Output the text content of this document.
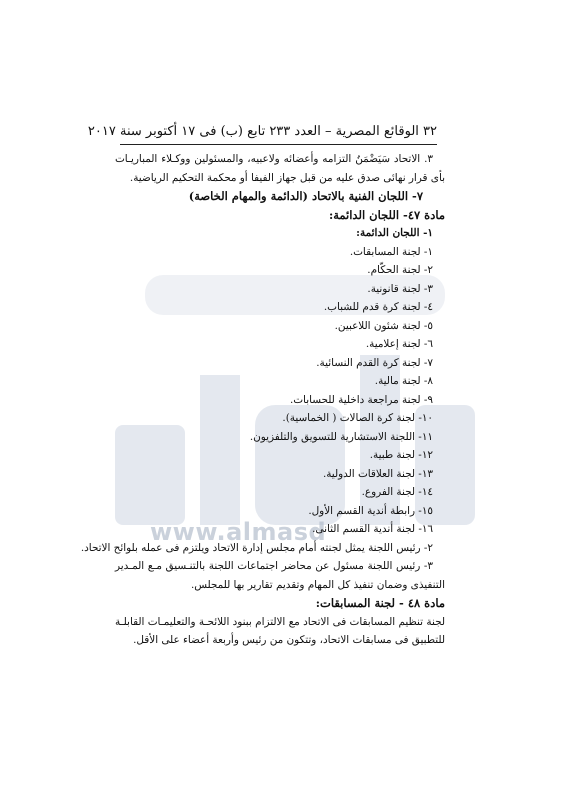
www.almasd
٣٢ الوقائع المصرية – العدد ٢٣٣ تابع (ب) فى ١٧ أكتوبر سنة ٢٠١٧
٣. الاتحاد سَيَضْمَنُ التزامه وأعضائه ولاعبيه، والمسئولين ووكـلاء المباريـات
بأى قرار نهائى صدق عليه من قبل جهاز الفيفا أو محكمة التحكيم الرياضية.
٧- اللجان الفنية بالاتحاد (الدائمة والمهام الخاصة)
مادة ٤٧- اللجان الدائمة:
١- اللجان الدائمة:
١- لجنة المسابقات.
٢- لجنة الحكّام.
٣- لجنة قانونية.
٤- لجنة كرة قدم للشباب.
٥- لجنة شئون اللاعبين.
٦- لجنة إعلامية.
٧- لجنة كرة القدم النسائية.
٨- لجنة مالية.
٩- لجنة مراجعة داخلية للحسابات.
١٠- لجنة كرة الصالات ( الخماسية).
١١- اللجنة الاستشارية للتسويق والتلفزيون.
١٢- لجنة طبية.
١٣- لجنة العلاقات الدولية.
١٤- لجنة الفروع.
١٥- رابطة أندية القسم الأول.
١٦- لجنة أندية القسم الثانى.
٢- رئيس اللجنة يمثل لجنته أمام مجلس إدارة الاتحاد ويلتزم فى عمله بلوائح الاتحاد.
٣- رئيس اللجنة مسئول عن محاضر اجتماعات اللجنة بالتنـسيق مـع المـدير
التنفيذى وضمان تنفيذ كل المهام وتقديم تقارير بها للمجلس.
مادة ٤٨ - لجنة المسابقات:
لجنة تنظيم المسابقات فى الاتحاد مع الالتزام ببنود اللائحـة والتعليمـات القابلـة
للتطبيق فى مسابقات الاتحاد، وتتكون من رئيس وأربعة أعضاء على الأقل.
